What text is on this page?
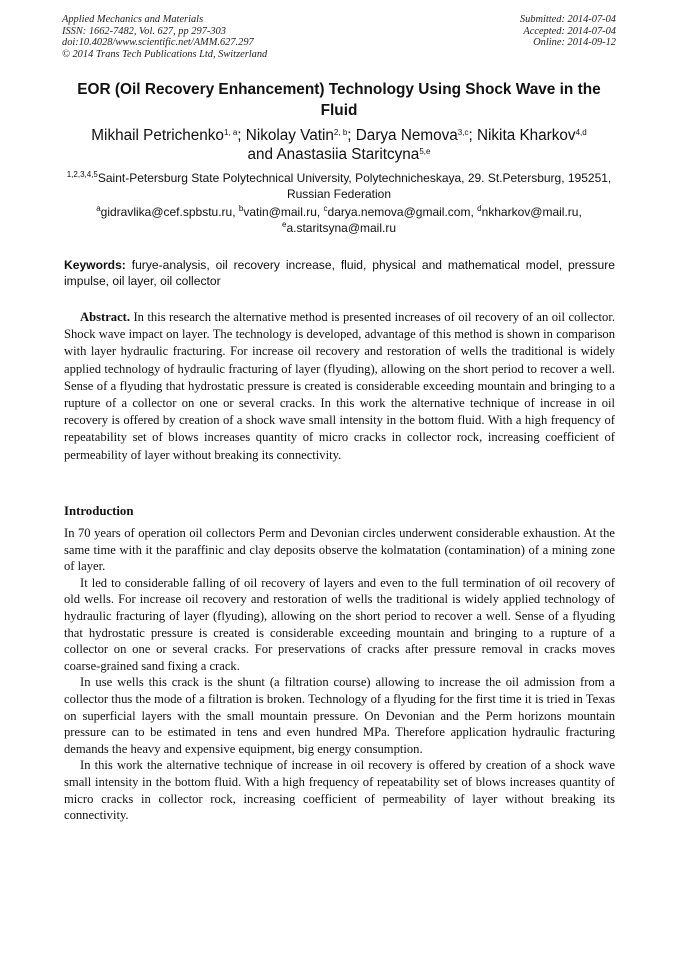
Applied Mechanics and Materials
ISSN: 1662-7482, Vol. 627, pp 297-303
doi:10.4028/www.scientific.net/AMM.627.297
© 2014 Trans Tech Publications Ltd, Switzerland
Submitted: 2014-07-04
Accepted: 2014-07-04
Online: 2014-09-12
EOR (Oil Recovery Enhancement) Technology Using Shock Wave in the Fluid
Mikhail Petrichenko$^{1, a}$; Nikolay Vatin$^{2, b}$; Darya Nemova$^{3,c}$; Nikita Kharkov$^{4,d}$
and Anastasiia Staritcyna$^{5,e}$
$^{1,2,3,4,5}$Saint-Petersburg State Polytechnical University, Polytechnicheskaya, 29. St.Petersburg, 195251, Russian Federation
$^a$gidravlika@cef.spbstu.ru, $^b$vatin@mail.ru, $^c$darya.nemova@gmail.com, $^d$nkharkov@mail.ru,
$^e$a.staritsyna@mail.ru
Keywords: furye-analysis, oil recovery increase, fluid, physical and mathematical model, pressure impulse, oil layer, oil collector

Abstract. In this research the alternative method is presented increases of oil recovery of an oil collector. Shock wave impact on layer. The technology is developed, advantage of this method is shown in comparison with layer hydraulic fracturing. For increase oil recovery and restoration of wells the traditional is widely applied technology of hydraulic fracturing of layer (flyuding), allowing on the short period to recover a well. Sense of a flyuding that hydrostatic pressure is created is considerable exceeding mountain and bringing to a rupture of a collector on one or several cracks. In this work the alternative technique of increase in oil recovery is offered by creation of a shock wave small intensity in the bottom fluid. With a high frequency of repeatability set of blows increases quantity of micro cracks in collector rock, increasing coefficient of permeability of layer without breaking its connectivity.

Introduction

In 70 years of operation oil collectors Perm and Devonian circles underwent considerable exhaustion. At the same time with it the paraffinic and clay deposits observe the kolmatation (contamination) of a mining zone of layer.

It led to considerable falling of oil recovery of layers and even to the full termination of oil recovery of old wells. For increase oil recovery and restoration of wells the traditional is widely applied technology of hydraulic fracturing of layer (flyuding), allowing on the short period to recover a well. Sense of a flyuding that hydrostatic pressure is created is considerable exceeding mountain and bringing to a rupture of a collector on one or several cracks. For preservations of cracks after pressure removal in cracks moves coarse-grained sand fixing a crack.

In use wells this crack is the shunt (a filtration course) allowing to increase the oil admission from a collector thus the mode of a filtration is broken. Technology of a flyuding for the first time it is tried in Texas on superficial layers with the small mountain pressure. On Devonian and the Perm horizons mountain pressure can to be estimated in tens and even hundred MPa. Therefore application hydraulic fracturing demands the heavy and expensive equipment, big energy consumption.

In this work the alternative technique of increase in oil recovery is offered by creation of a shock wave small intensity in the bottom fluid. With a high frequency of repeatability set of blows increases quantity of micro cracks in collector rock, increasing coefficient of permeability of layer without breaking its connectivity.
